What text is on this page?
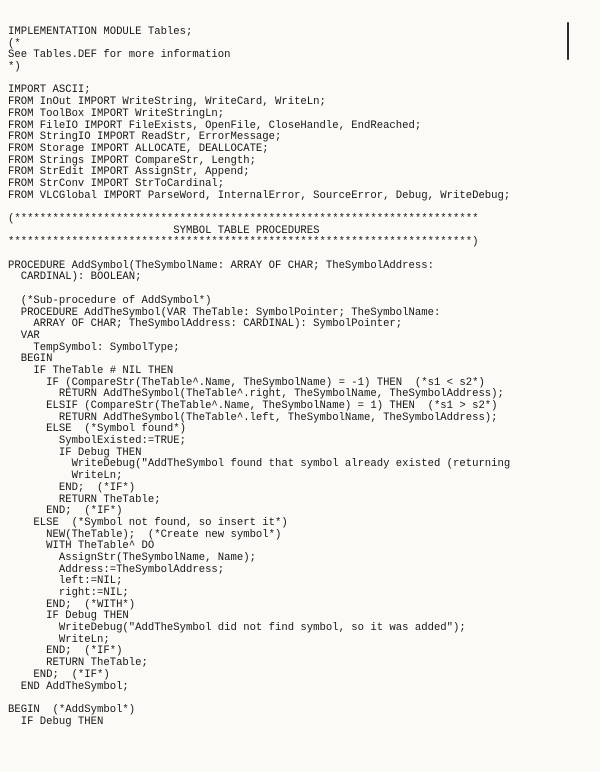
IMPLEMENTATION MODULE Tables;
(*
See Tables.DEF for more information
*)
IMPORT ASCII;
FROM InOut IMPORT WriteString, WriteCard, WriteLn;
FROM ToolBox IMPORT WriteStringLn;
FROM FileIO IMPORT FileExists, OpenFile, CloseHandle, EndReached;
FROM StringIO IMPORT ReadStr, ErrorMessage;
FROM Storage IMPORT ALLOCATE, DEALLOCATE;
FROM Strings IMPORT CompareStr, Length;
FROM StrEdit IMPORT AssignStr, Append;
FROM StrConv IMPORT StrToCardinal;
FROM VLCGlobal IMPORT ParseWord, InternalError, SourceError, Debug, WriteDebug;
(*************************************************************************
SYMBOL TABLE PROCEDURES
*************************************************************************)
PROCEDURE AddSymbol(TheSymbolName: ARRAY OF CHAR; TheSymbolAddress:
CARDINAL): BOOLEAN;
(*Sub-procedure of AddSymbol*)
PROCEDURE AddTheSymbol(VAR TheTable: SymbolPointer; TheSymbolName:
ARRAY OF CHAR; TheSymbolAddress: CARDINAL): SymbolPointer;
VAR
TempSymbol: SymbolType;
BEGIN
IF TheTable # NIL THEN
IF (CompareStr(TheTable^.Name, TheSymbolName) = -1) THEN  (*s1 < s2*)
RETURN AddTheSymbol(TheTable^.right, TheSymbolName, TheSymbolAddress);
ELSIF (CompareStr(TheTable^.Name, TheSymbolName) = 1) THEN  (*s1 > s2*)
RETURN AddTheSymbol(TheTable^.left, TheSymbolName, TheSymbolAddress);
ELSE  (*Symbol found*)
SymbolExisted:=TRUE;
IF Debug THEN
WriteDebug("AddTheSymbol found that symbol already existed (returning
WriteLn;
END;  (*IF*)
RETURN TheTable;
END;  (*IF*)
ELSE  (*Symbol not found, so insert it*)
NEW(TheTable);  (*Create new symbol*)
WITH TheTable^ DO
AssignStr(TheSymbolName, Name);
Address:=TheSymbolAddress;
left:=NIL;
right:=NIL;
END;  (*WITH*)
IF Debug THEN
WriteDebug("AddTheSymbol did not find symbol, so it was added");
WriteLn;
END;  (*IF*)
RETURN TheTable;
END;  (*IF*)
END AddTheSymbol;
BEGIN  (*AddSymbol*)
IF Debug THEN
